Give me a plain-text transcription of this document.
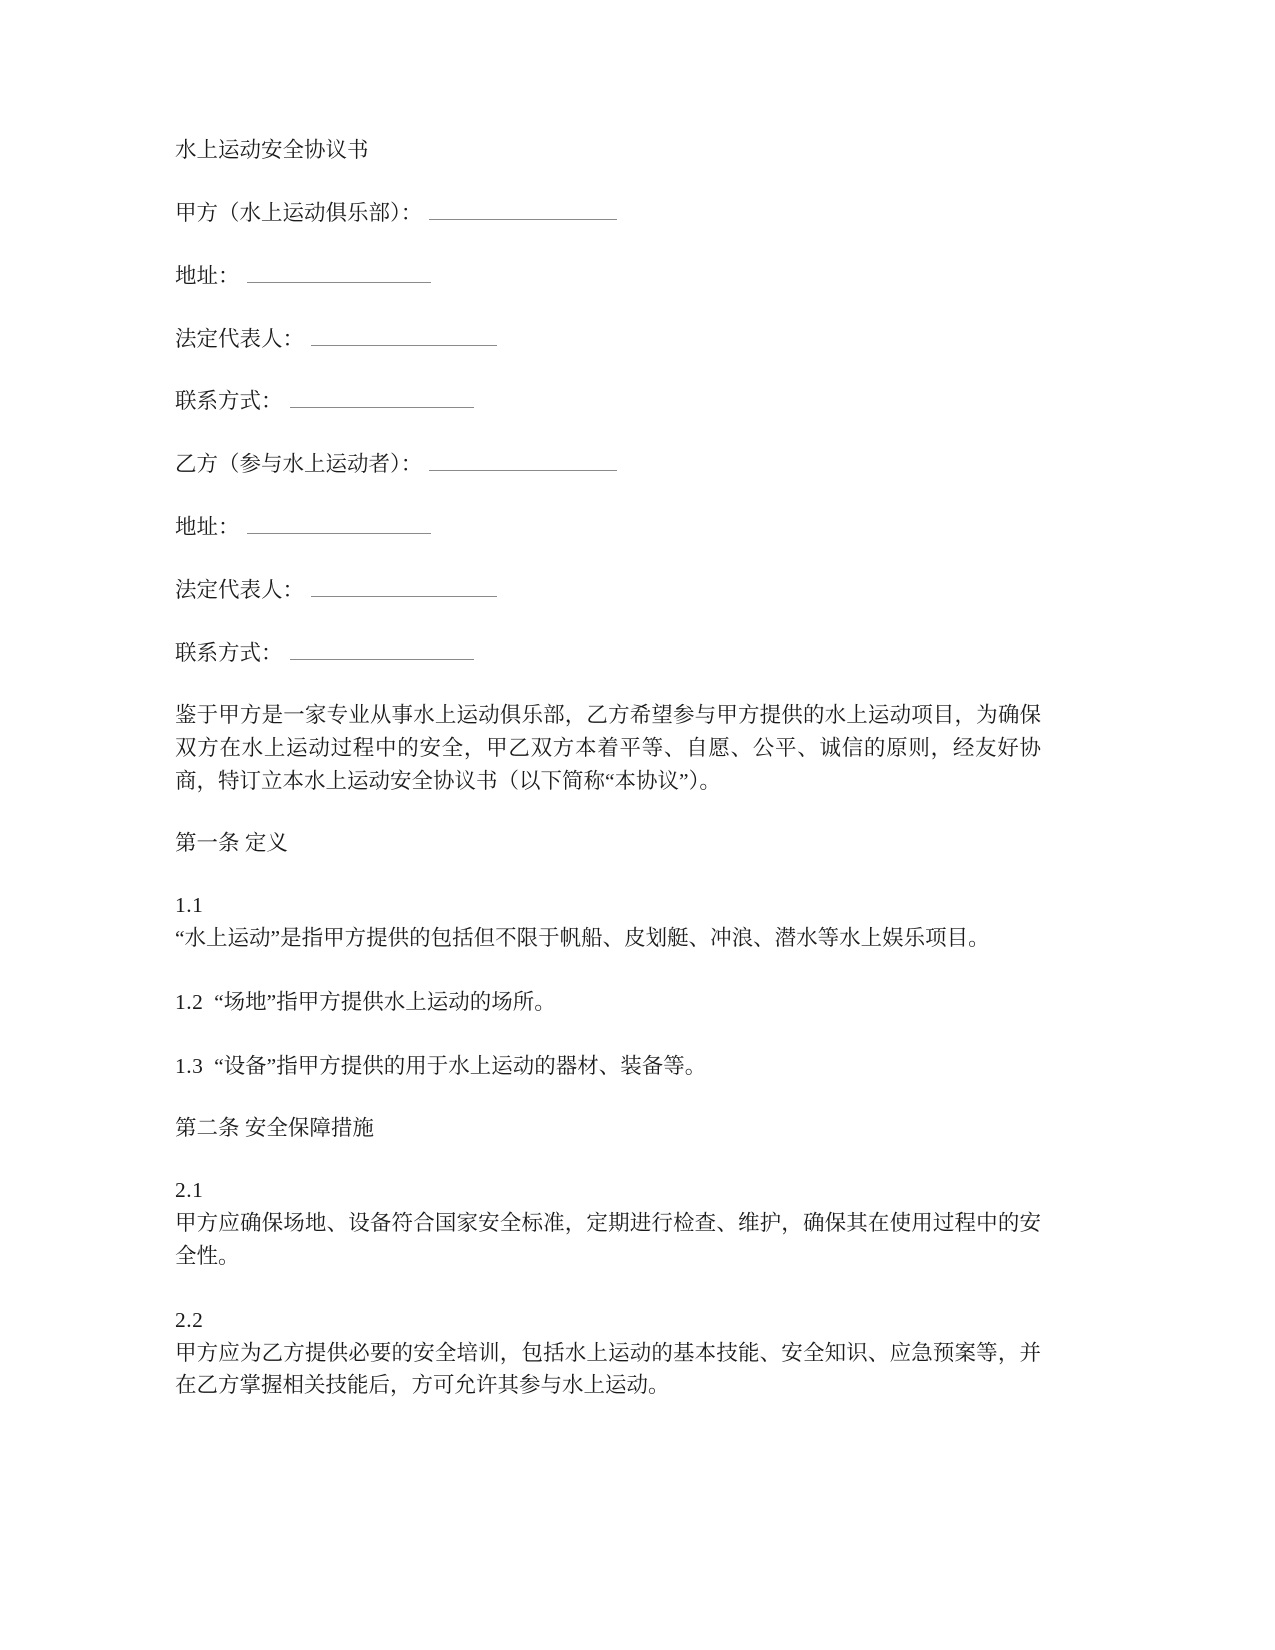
水上运动安全协议书
甲方（水上运动俱乐部）：
地址：
法定代表人：
联系方式：
乙方（参与水上运动者）：
地址：
法定代表人：
联系方式：
鉴于甲方是一家专业从事水上运动俱乐部，乙方希望参与甲方提供的水上运动项目，为确保双方在水上运动过程中的安全，甲乙双方本着平等、自愿、公平、诚信的原则，经友好协商，特订立本水上运动安全协议书（以下简称“本协议”）。
第一条 定义
1.1
“水上运动”是指甲方提供的包括但不限于帆船、皮划艇、冲浪、潜水等水上娱乐项目。
1.2 “场地”指甲方提供水上运动的场所。
1.3 “设备”指甲方提供的用于水上运动的器材、装备等。
第二条 安全保障措施
2.1
甲方应确保场地、设备符合国家安全标准，定期进行检查、维护，确保其在使用过程中的安全性。
2.2
甲方应为乙方提供必要的安全培训，包括水上运动的基本技能、安全知识、应急预案等，并在乙方掌握相关技能后，方可允许其参与水上运动。
